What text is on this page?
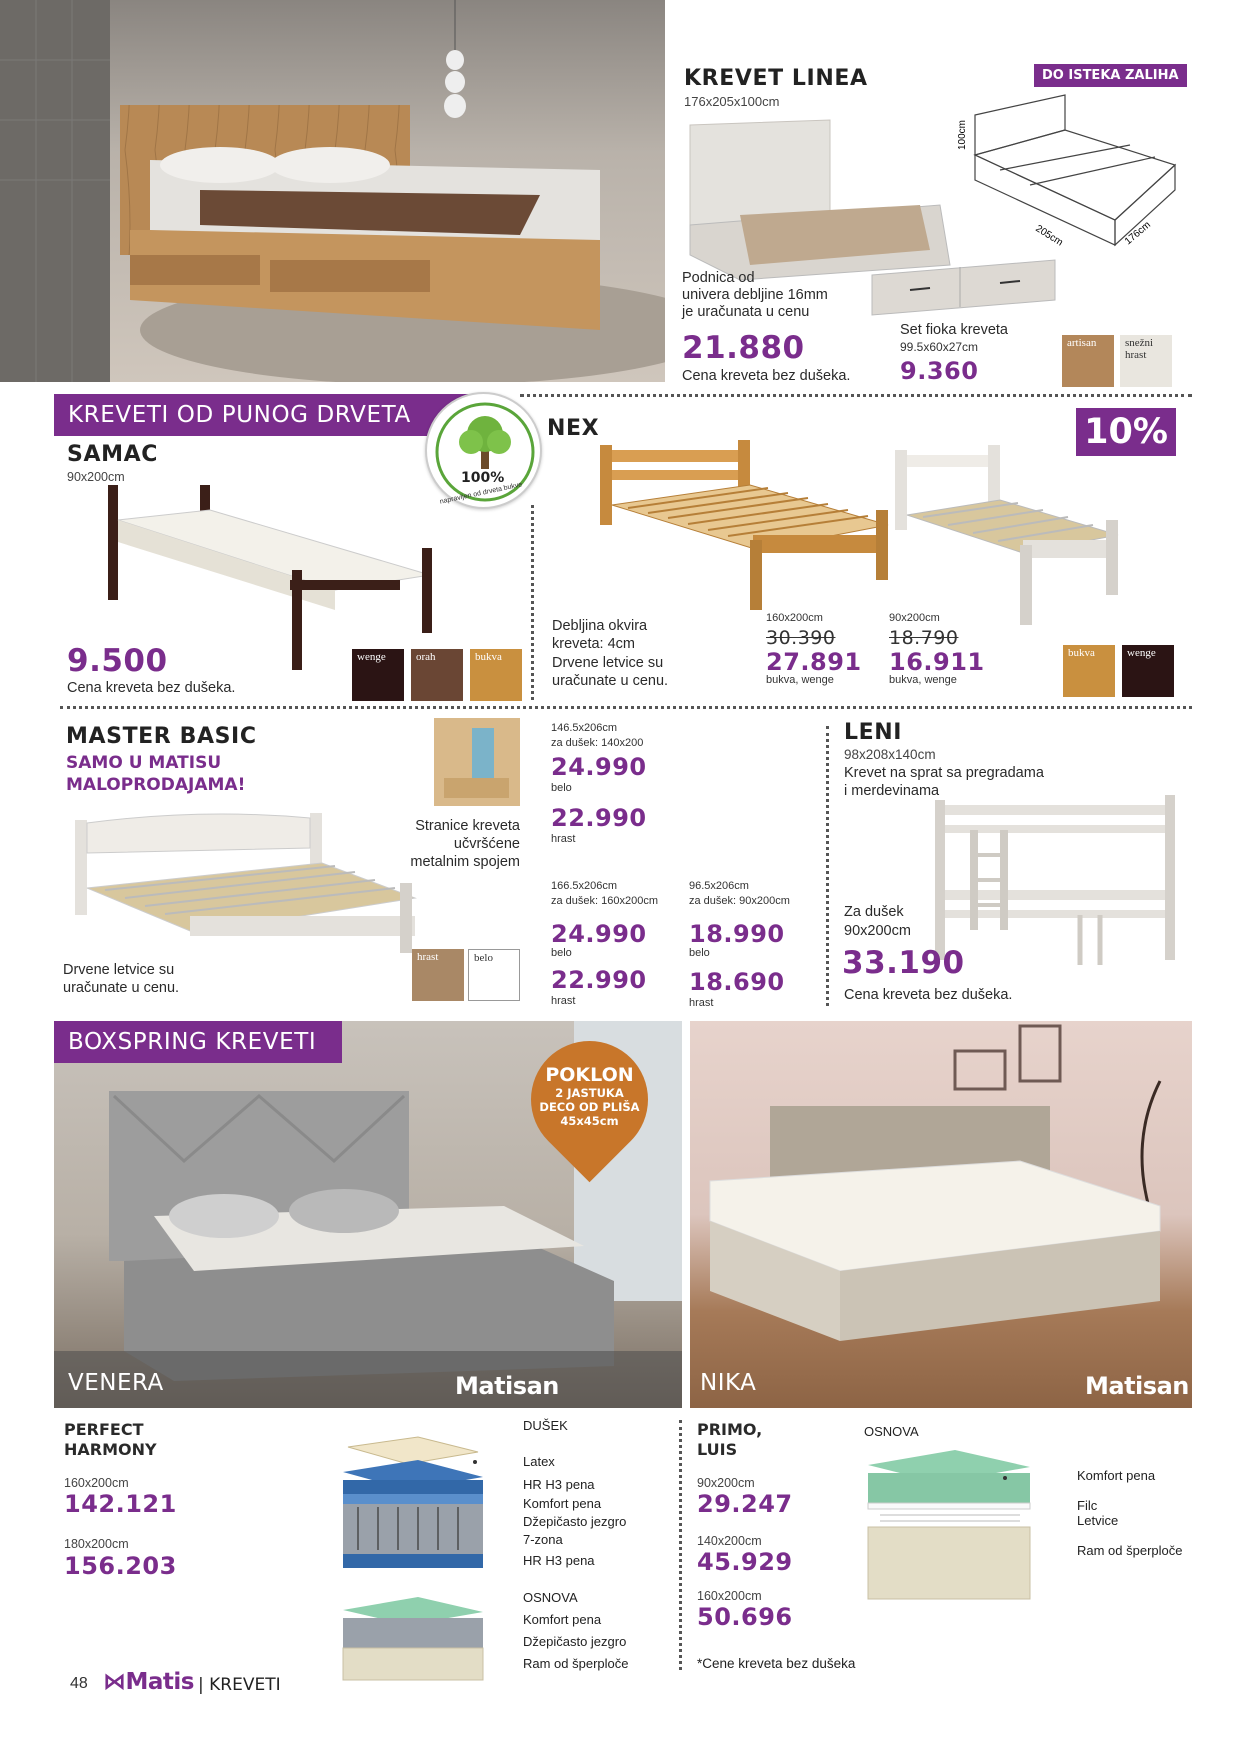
KREVET LINEA
176x205x100cm
DO ISTEKA ZALIHA
100cm
205cm	176cm
Podnica od
univera debljine 16mm
je uračunata u cenu
21.880
Cena kreveta bez dušeka.
Set fioka kreveta
99.5x60x27cm
9.360
artisan	snežni hrast
KREVETI OD PUNOG DRVETA
100%
napravljen od drveta bukve
SAMAC
90x200cm
9.500
Cena kreveta bez dušeka.
wenge	orah	bukva
NEX	10%
Debljina okvira
kreveta: 4cm
Drvene letvice su
uračunate u cenu.
160x200cm
30.390
27.891
bukva, wenge
90x200cm
18.790
16.911
bukva, wenge
bukva	wenge
MASTER BASIC
SAMO U MATISU
MALOPRODAJAMA!
Stranice kreveta
učvršćene
metalnim spojem
Drvene letvice su
uračunate u cenu.
hrast	belo
146.5x206cm
za dušek: 140x200
24.990
belo
22.990
hrast
166.5x206cm
za dušek: 160x200cm
24.990
belo
22.990
hrast
96.5x206cm
za dušek: 90x200cm
18.990
belo
18.690
hrast
LENI
98x208x140cm
Krevet na sprat sa pregradama
i merdevinama
Za dušek
90x200cm
33.190
Cena kreveta bez dušeka.
BOXSPRING KREVETI
POKLON
2 JASTUKA
DECO OD PLIŠA
45x45cm
VENERA	Matisan	NIKA	Matisan
PERFECT
HARMONY
160x200cm
142.121
180x200cm
156.203
DUŠEK
Latex
HR H3 pena
Komfort pena
Džepičasto jezgro
7-zona
HR H3 pena
OSNOVA
Komfort pena
Džepičasto jezgro
Ram od šperploče
PRIMO,
LUIS
90x200cm
29.247
140x200cm
45.929
160x200cm
50.696
*Cene kreveta bez dušeka
OSNOVA
Komfort pena
Filc
Letvice
Ram od šperploče
48 ⋈Matis | KREVETI
